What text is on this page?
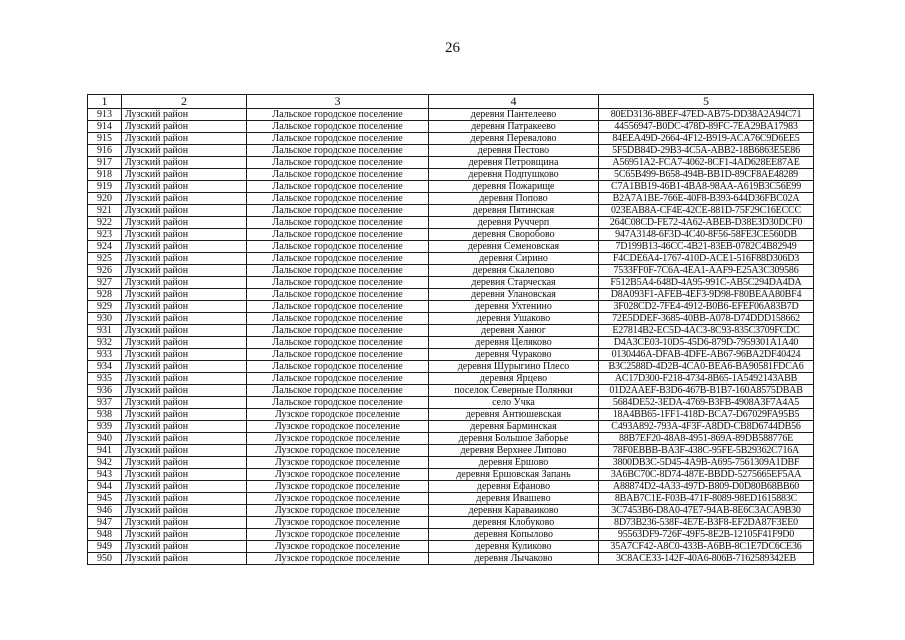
26
1	2	3	4	5
913	Лузский район	Лальское городское поселение	деревня Пантелеево	80ED3136-8BEF-47ED-AB75-DD38A2A94C71
914	Лузский район	Лальское городское поселение	деревня Патракеево	44556947-B0DC-478D-89FC-7EA29BA17983
915	Лузский район	Лальское городское поселение	деревня Перевалово	84EEA49D-2664-4F12-B919-ACA76C9D6EE5
916	Лузский район	Лальское городское поселение	деревня Пестово	5F5DB84D-29B3-4C5A-ABB2-18B6863E5E86
917	Лузский район	Лальское городское поселение	деревня Петровщина	A56951A2-FCA7-4062-8CF1-4AD628EE87AE
918	Лузский район	Лальское городское поселение	деревня Подпушково	5C65B499-B658-494B-BB1D-89CF8AE48289
919	Лузский район	Лальское городское поселение	деревня Пожарище	C7A1BB19-46B1-4BA8-98AA-A619B3C56E99
920	Лузский район	Лальское городское поселение	деревня Попово	B2A7A1BE-766E-40F8-B393-644D36FBC02A
921	Лузский район	Лальское городское поселение	деревня Пятинская	023EAB8A-CF4E-42CE-881D-75F29C16ECCC
922	Лузский район	Лальское городское поселение	деревня Руччерп	264C08CD-FE72-4A62-ABEB-D38E3D30DCF0
923	Лузский район	Лальское городское поселение	деревня Своробово	947A3148-6F3D-4C40-8F56-58FE3CE560DB
924	Лузский район	Лальское городское поселение	деревня Семеновская	7D199B13-46CC-4B21-83EB-0782C4B82949
925	Лузский район	Лальское городское поселение	деревня Сирино	F4CDE6A4-1767-410D-ACE1-516F88D306D3
926	Лузский район	Лальское городское поселение	деревня Скалепово	7533FF0F-7C6A-4EA1-AAF9-E25A3C309586
927	Лузский район	Лальское городское поселение	деревня Старческая	F512B5A4-648D-4A95-991C-AB5C294DA4DA
928	Лузский район	Лальское городское поселение	деревня Улановская	D8A093F1-AFEB-4EF3-9D98-F80BEAA80BF4
929	Лузский район	Лальское городское поселение	деревня Ухтенино	3F028CD2-7FE4-4912-B0B6-EFEF06A83B7D
930	Лузский район	Лальское городское поселение	деревня Ушаково	72E5DDEF-3685-40BB-A078-D74DDD158662
931	Лузский район	Лальское городское поселение	деревня Ханюг	E27814B2-EC5D-4AC3-8C93-835C3709FCDC
932	Лузский район	Лальское городское поселение	деревня Целяково	D4A3CE03-10D5-45D6-879D-7959301A1A40
933	Лузский район	Лальское городское поселение	деревня Чураково	0130446A-DFAB-4DFE-AB67-96BA2DF40424
934	Лузский район	Лальское городское поселение	деревня Шурыгино Плесо	B3C2588D-4D2B-4CA0-BEA6-BA90581FDCA6
935	Лузский район	Лальское городское поселение	деревня Ярцево	AC17D300-F218-4734-8B65-1A5492143ABB
936	Лузский район	Лальское городское поселение	поселок Северные Полянки	01D2AAEF-B3D6-467B-B1B7-160A8575DBAB
937	Лузский район	Лальское городское поселение	село Учка	5684DE52-3EDA-4769-B3FB-4908A3F7A4A5
938	Лузский район	Лузское городское поселение	деревня Антюшевская	18A4BB65-1FF1-418D-BCA7-D67029FA95B5
939	Лузский район	Лузское городское поселение	деревня Барминская	C493A892-793A-4F3F-A8DD-CB8D6744DB56
940	Лузский район	Лузское городское поселение	деревня Большое Заборье	88B7EF20-48A8-4951-869A-89DB588776E
941	Лузский район	Лузское городское поселение	деревня Верхнее Липово	78F0EBBB-BA3F-438C-95FE-5B29362C716A
942	Лузский район	Лузское городское поселение	деревня Ершово	3800DB3C-5D45-4A9B-A695-7561309A1DBF
943	Лузский район	Лузское городское поселение	деревня Ершовская Запань	3A6BC70C-8D74-487E-BBDD-5275665EF5AA
944	Лузский район	Лузское городское поселение	деревня Ефаново	A88874D2-4A33-497D-B809-D0D80B68BB60
945	Лузский район	Лузское городское поселение	деревня Ивашево	8BAB7C1E-F03B-471F-8089-98ED1615883C
946	Лузский район	Лузское городское поселение	деревня Караваиково	3C7453B6-D8A0-47E7-94AB-8E6C3ACA9B30
947	Лузский район	Лузское городское поселение	деревня Клобуково	8D73B236-538F-4E7E-B3F8-EF2DA87F3EE0
948	Лузский район	Лузское городское поселение	деревня Копылово	95563DF9-726F-49F5-8E2B-12105F41F9D0
949	Лузский район	Лузское городское поселение	деревня Куликово	35A7CF42-A8C0-433B-A6BB-8C1E7DC6CE36
950	Лузский район	Лузское городское поселение	деревня Лычаково	3C8ACE33-142F-40A6-806B-7162589342EB
